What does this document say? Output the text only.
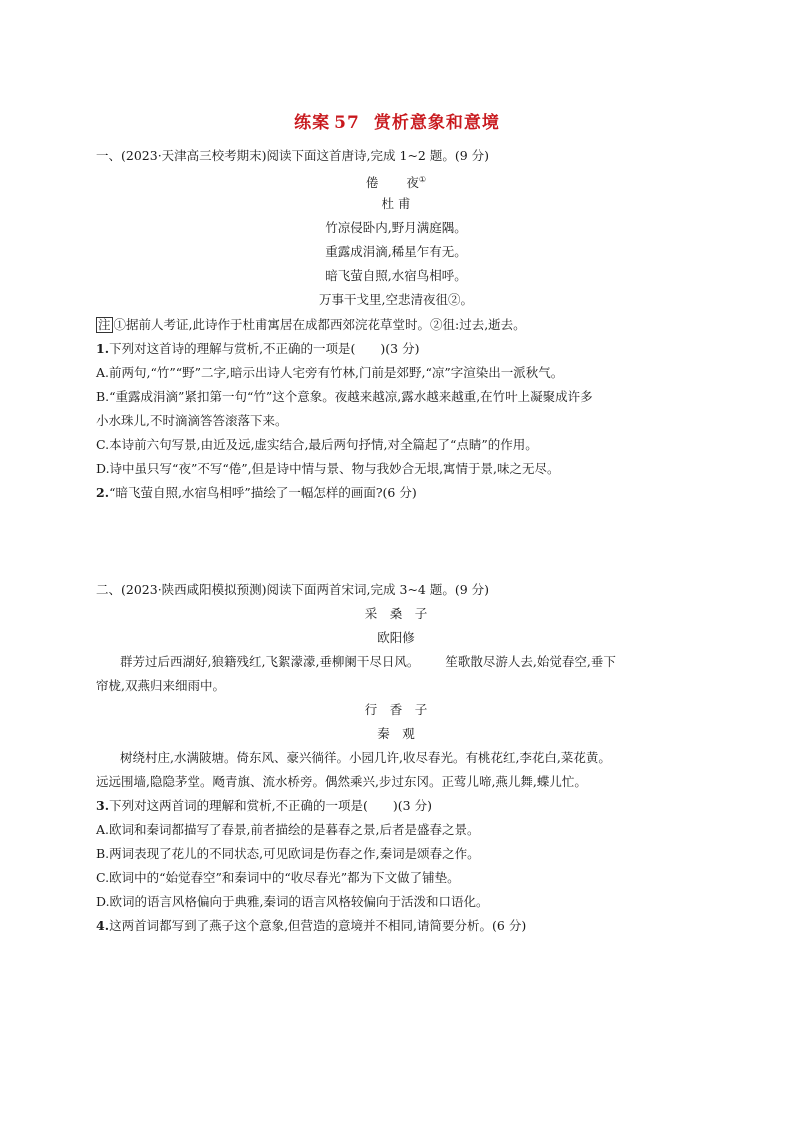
练案 57 赏析意象和意境
一、(2023·天津高三校考期末)阅读下面这首唐诗,完成 1~2 题。(9 分)
倦 夜①
杜 甫
竹凉侵卧内,野月满庭隅。
重露成涓滴,稀星乍有无。
暗飞萤自照,水宿鸟相呼。
万事干戈里,空悲清夜徂②。
注 ①据前人考证,此诗作于杜甫寓居在成都西郊浣花草堂时。②徂:过去,逝去。
1.下列对这首诗的理解与赏析,不正确的一项是(　　)(3 分)
A.前两句,“竹”“野”二字,暗示出诗人宅旁有竹林,门前是郊野,“凉”字渲染出一派秋气。
B.“重露成涓滴”紧扣第一句“竹”这个意象。夜越来越凉,露水越来越重,在竹叶上凝聚成许多
小水珠儿,不时滴滴答答滚落下来。
C.本诗前六句写景,由近及远,虚实结合,最后两句抒情,对全篇起了“点睛”的作用。
D.诗中虽只写“夜”不写“倦”,但是诗中情与景、物与我妙合无垠,寓情于景,味之无尽。
2.“暗飞萤自照,水宿鸟相呼”描绘了一幅怎样的画面?(6 分)
二、(2023·陕西咸阳模拟预测)阅读下面两首宋词,完成 3~4 题。(9 分)
采　桑　子
欧阳修
群芳过后西湖好,狼籍残红,飞絮濛濛,垂柳阑干尽日风。 笙歌散尽游人去,始觉春空,垂下
帘栊,双燕归来细雨中。
行　香　子
秦　观
树绕村庄,水满陂塘。倚东风、豪兴徜徉。小园几许,收尽春光。有桃花红,李花白,菜花黄。
远远围墙,隐隐茅堂。飏青旗、流水桥旁。偶然乘兴,步过东冈。正莺儿啼,燕儿舞,蝶儿忙。
3.下列对这两首词的理解和赏析,不正确的一项是(　　)(3 分)
A.欧词和秦词都描写了春景,前者描绘的是暮春之景,后者是盛春之景。
B.两词表现了花儿的不同状态,可见欧词是伤春之作,秦词是颂春之作。
C.欧词中的“始觉春空”和秦词中的“收尽春光”都为下文做了铺垫。
D.欧词的语言风格偏向于典雅,秦词的语言风格较偏向于活泼和口语化。
4.这两首词都写到了燕子这个意象,但营造的意境并不相同,请简要分析。(6 分)
